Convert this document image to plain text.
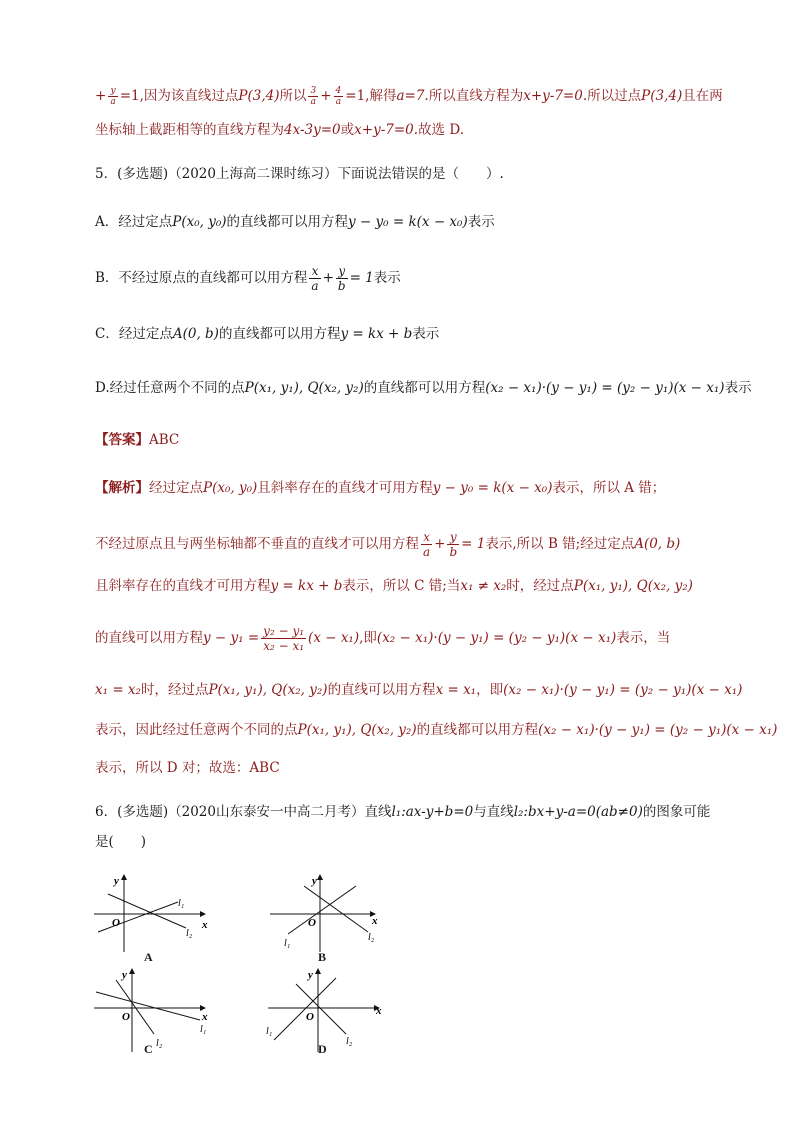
+ $\frac{y}{a} =1$,因为该直线过点P(3,4)所以 $\frac{3}{a} + \frac{4}{a} =1$,解得a=7.所以直线方程为x+y-7=0.所以过点P(3,4)且在两
坐标轴上截距相等的直线方程为4x-3y=0或x+y-7=0.故选 D.
5．(多选题)（2020上海高二课时练习）下面说法错误的是（　　）.
A．经过定点P(x₀, y₀)的直线都可以用方程y − y₀ = k(x − x₀)表示
B．不经过原点的直线都可以用方程 $\frac{x}{a} + \frac{y}{b} = 1$表示
C．经过定点A(0, b)的直线都可以用方程y = kx + b表示
D.经过任意两个不同的点P(x₁, y₁), Q(x₂, y₂)的直线都可以用方程(x₂ − x₁)·(y − y₁) = (y₂ − y₁)(x − x₁)表示
【答案】ABC
【解析】经过定点P(x₀, y₀)且斜率存在的直线才可用方程y − y₀ = k(x − x₀)表示，所以 A 错；
不经过原点且与两坐标轴都不垂直的直线才可以用方程 $\frac{x}{a} + \frac{y}{b} = 1$表示,所以 B 错;经过定点A(0, b)
且斜率存在的直线才可用方程y = kx + b表示，所以 C 错;当x₁ ≠ x₂时，经过点P(x₁, y₁), Q(x₂, y₂)
的直线可以用方程$y - y_1 = \frac{\text{y₂ − y₁}}{\text{x₂ − x₁}} (x - x_1)$,即(x₂ − x₁)·(y − y₁) = (y₂ − y₁)(x − x₁)表示，当
x₁ = x₂时，经过点P(x₁, y₁), Q(x₂, y₂)的直线可以用方程x = x₁，即(x₂ − x₁)·(y − y₁) = (y₂ − y₁)(x − x₁)
表示，因此经过任意两个不同的点P(x₁, y₁), Q(x₂, y₂)的直线都可以用方程(x₂ − x₁)·(y − y₁) = (y₂ − y₁)(x − x₁)
表示，所以 D 对；故选：ABC
6．(多选题)（2020山东泰安一中高二月考）直线l₁:ax-y+b=0与直线l₂:bx+y-a=0(ab≠0)的图象可能
是(　　)
y
x
O
l₁
l₂
A
y
x
O
l₁
l₂
B
y
x
O
l₁
l₂
C
y
x
O
l₁
l₂
D
